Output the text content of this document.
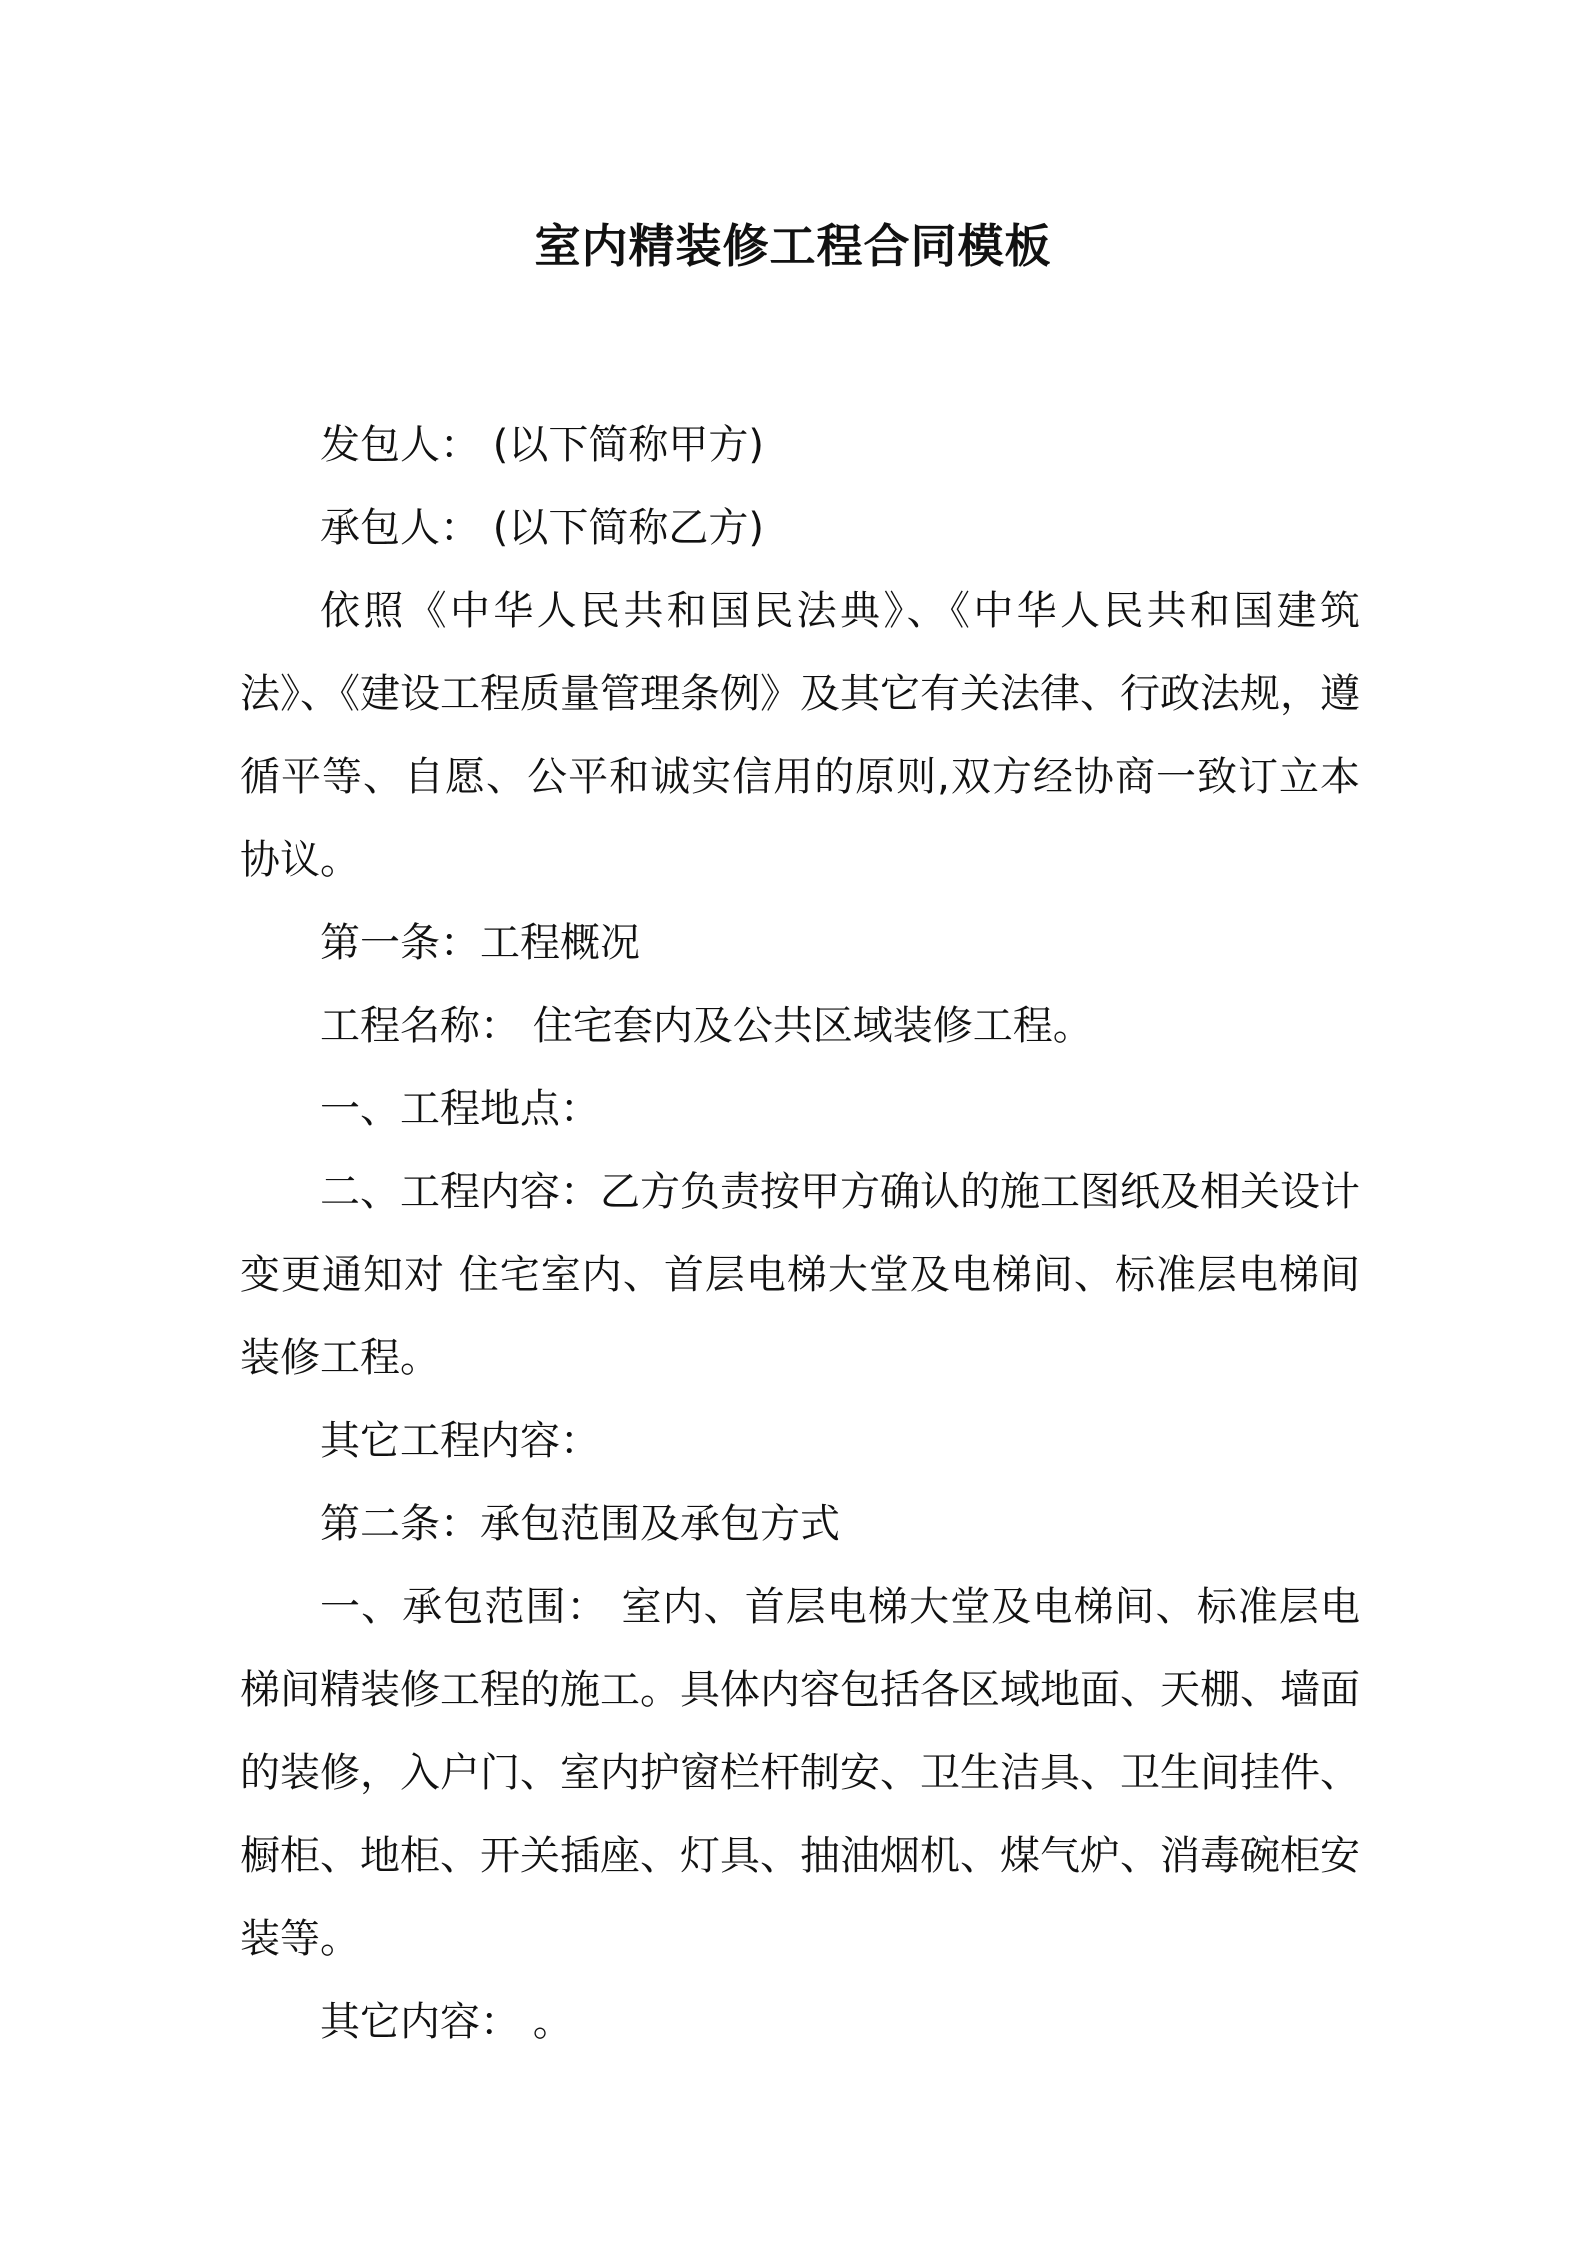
室内精装修工程合同模板

发包人： (以下简称甲方)

承包人： (以下简称乙方)

依照《中华人民共和国民法典》、《中华人民共和国建筑法》、《建设工程质量管理条例》及其它有关法律、行政法规，遵循平等、自愿、公平和诚实信用的原则,双方经协商一致订立本协议。

第一条：工程概况

工程名称： 住宅套内及公共区域装修工程。

一、工程地点：

二、工程内容：乙方负责按甲方确认的施工图纸及相关设计变更通知对 住宅室内、首层电梯大堂及电梯间、标准层电梯间装修工程。

其它工程内容：

第二条：承包范围及承包方式

一、承包范围： 室内、首层电梯大堂及电梯间、标准层电梯间精装修工程的施工。具体内容包括各区域地面、天棚、墙面的装修，入户门、室内护窗栏杆制安、卫生洁具、卫生间挂件、橱柜、地柜、开关插座、灯具、抽油烟机、煤气炉、消毒碗柜安装等。

其它内容： 。
